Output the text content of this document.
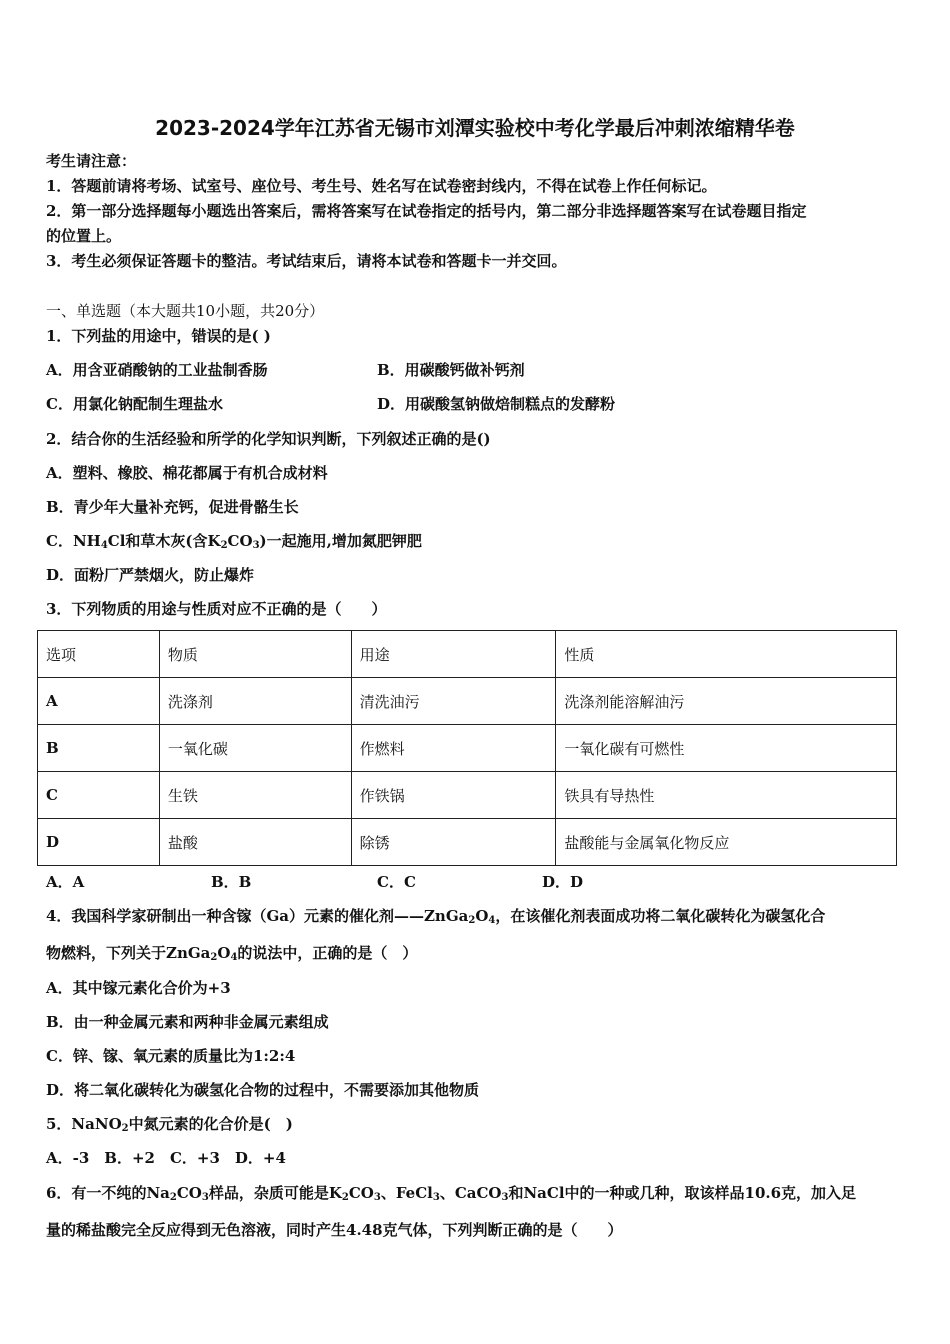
2023-2024学年江苏省无锡市刘潭实验校中考化学最后冲刺浓缩精华卷
考生请注意：
1．答题前请将考场、试室号、座位号、考生号、姓名写在试卷密封线内，不得在试卷上作任何标记。
2．第一部分选择题每小题选出答案后，需将答案写在试卷指定的括号内，第二部分非选择题答案写在试卷题目指定
的位置上。
3．考生必须保证答题卡的整洁。考试结束后，请将本试卷和答题卡一并交回。
一、单选题（本大题共10小题，共20分）
1．下列盐的用途中，错误的是( )
A．用含亚硝酸钠的工业盐制香肠	B．用碳酸钙做补钙剂
C．用氯化钠配制生理盐水	D．用碳酸氢钠做焙制糕点的发酵粉
2．结合你的生活经验和所学的化学知识判断，下列叙述正确的是()
A．塑料、橡胶、棉花都属于有机合成材料
B．青少年大量补充钙，促进骨骼生长
C．$NH_4Cl$和草木灰(含$K_2CO_3$)一起施用,增加氮肥钾肥
D．面粉厂严禁烟火，防止爆炸
3．下列物质的用途与性质对应不正确的是（　　）
选项	物质	用途	性质
A	洗涤剂	清洗油污	洗涤剂能溶解油污
B	一氧化碳	作燃料	一氧化碳有可燃性
C	生铁	作铁锅	铁具有导热性
D	盐酸	除锈	盐酸能与金属氧化物反应
A．A	B．B	C．C	D．D
4．我国科学家研制出一种含镓（Ga）元素的催化剂$——ZnGa_2O_4$，在该催化剂表面成功将二氧化碳转化为碳氢化合
物燃料，下列关于$ZnGa_2O_4$的说法中，正确的是（　）
A．其中镓元素化合价为+3
B．由一种金属元素和两种非金属元素组成
C．锌、镓、氧元素的质量比为1:2:4
D．将二氧化碳转化为碳氢化合物的过程中，不需要添加其他物质
5．NaNO$_2$中氮元素的化合价是(　)
A．-3　B．+2　C．+3　D．+4
6．有一不纯的$Na_2CO_3$样品，杂质可能是$K_2CO_3$、FeCl$_3$、CaCO$_3$和NaCl中的一种或几种，取该样品10.6克，加入足
量的稀盐酸完全反应得到无色溶液，同时产生4.48克气体，下列判断正确的是（　　）
